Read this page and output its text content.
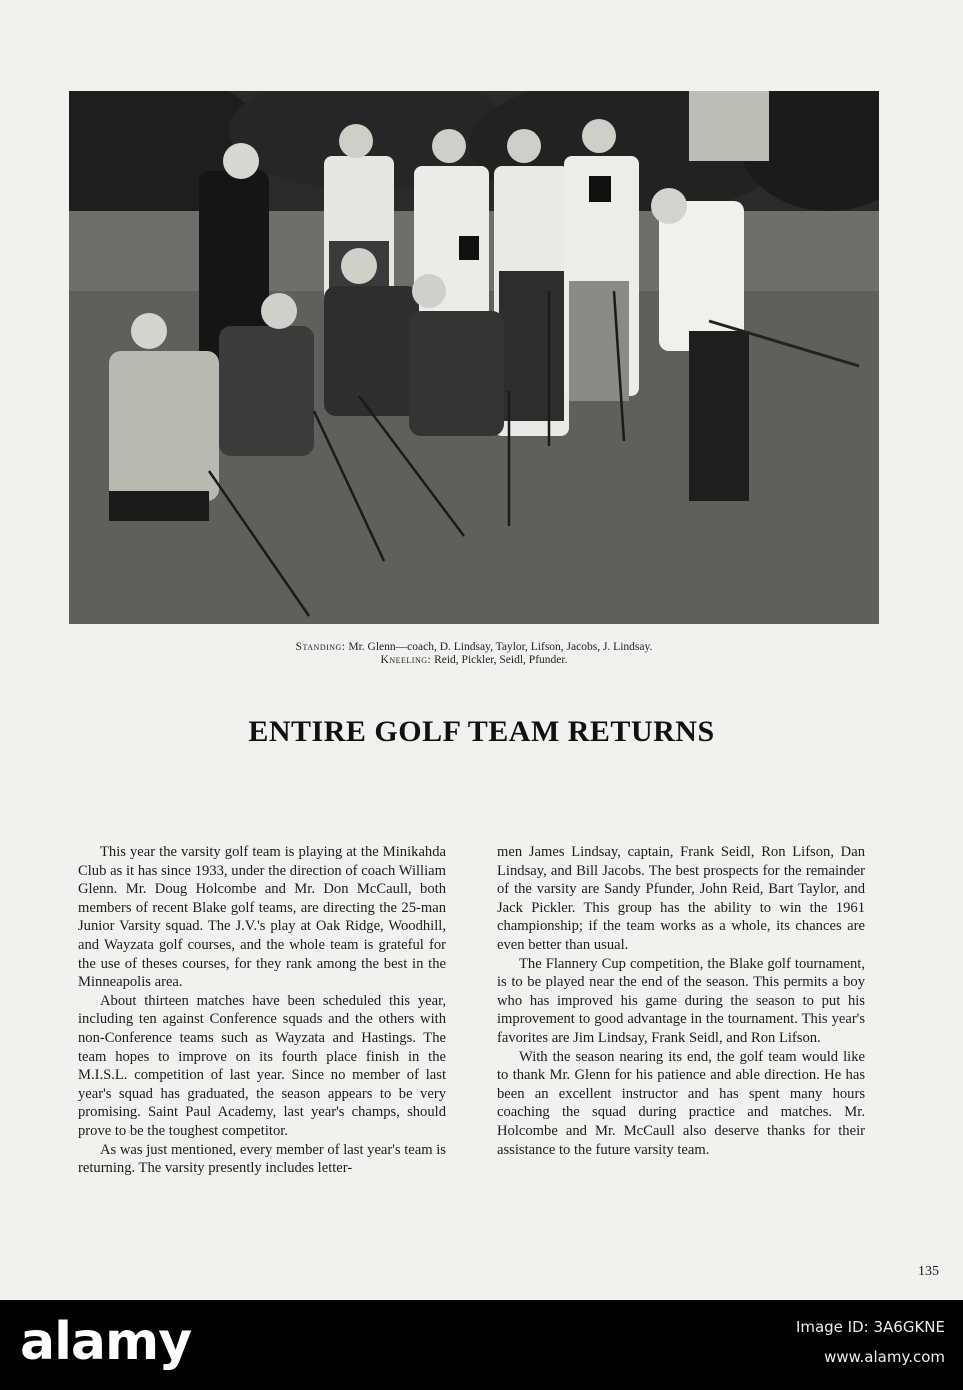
Standing: Mr. Glenn—coach, D. Lindsay, Taylor, Lifson, Jacobs, J. Lindsay.
Kneeling: Reid, Pickler, Seidl, Pfunder.
ENTIRE GOLF TEAM RETURNS

This year the varsity golf team is playing at the Minikahda Club as it has since 1933, under the direction of coach William Glenn. Mr. Doug Holcombe and Mr. Don McCaull, both members of recent Blake golf teams, are directing the 25-man Junior Varsity squad. The J.V.'s play at Oak Ridge, Woodhill, and Wayzata golf courses, and the whole team is grateful for the use of theses courses, for they rank among the best in the Minneapolis area.

About thirteen matches have been scheduled this year, including ten against Conference squads and the others with non-Conference teams such as Wayzata and Hastings. The team hopes to improve on its fourth place finish in the M.I.S.L. competition of last year. Since no member of last year's squad has graduated, the season appears to be very promising. Saint Paul Academy, last year's champs, should prove to be the toughest competitor.

As was just mentioned, every member of last year's team is returning. The varsity presently includes letter-

men James Lindsay, captain, Frank Seidl, Ron Lifson, Dan Lindsay, and Bill Jacobs. The best prospects for the remainder of the varsity are Sandy Pfunder, John Reid, Bart Taylor, and Jack Pickler. This group has the ability to win the 1961 championship; if the team works as a whole, its chances are even better than usual.

The Flannery Cup competition, the Blake golf tournament, is to be played near the end of the season. This permits a boy who has improved his game during the season to put his improvement to good advantage in the tournament. This year's favorites are Jim Lindsay, Frank Seidl, and Ron Lifson.

With the season nearing its end, the golf team would like to thank Mr. Glenn for his patience and able direction. He has been an excellent instructor and has spent many hours coaching the squad during practice and matches. Mr. Holcombe and Mr. McCaull also deserve thanks for their assistance to the future varsity team.

135
alamy	Image ID: 3A6GKNE
www.alamy.com
